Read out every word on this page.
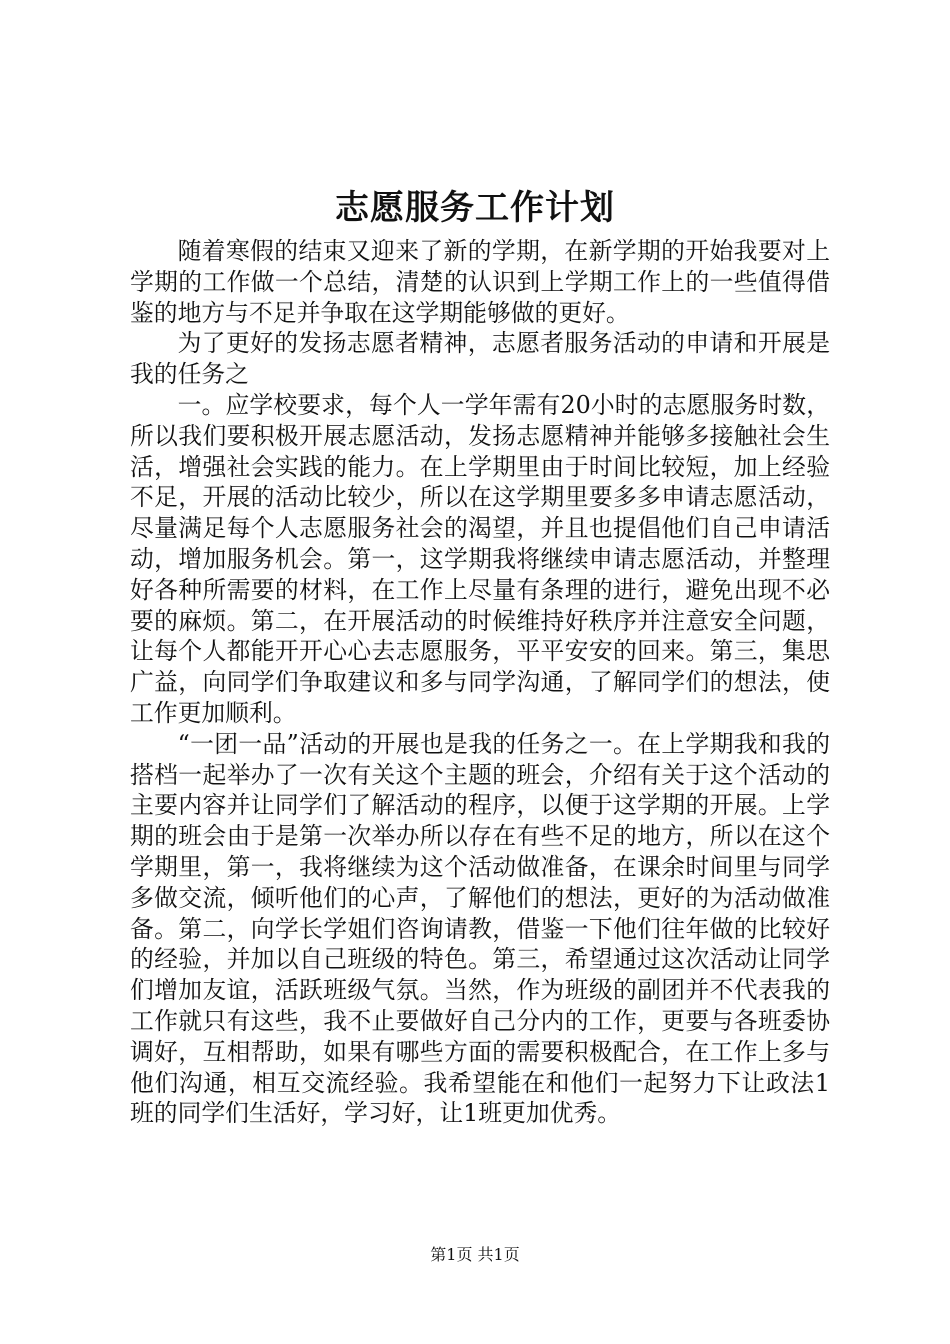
志愿服务工作计划

随着寒假的结束又迎来了新的学期，在新学期的开始我要对上学期的工作做一个总结，清楚的认识到上学期工作上的一些值得借鉴的地方与不足并争取在这学期能够做的更好。

为了更好的发扬志愿者精神，志愿者服务活动的申请和开展是我的任务之

一。应学校要求，每个人一学年需有20小时的志愿服务时数，所以我们要积极开展志愿活动，发扬志愿精神并能够多接触社会生活，增强社会实践的能力。在上学期里由于时间比较短，加上经验不足，开展的活动比较少，所以在这学期里要多多申请志愿活动，尽量满足每个人志愿服务社会的渴望，并且也提倡他们自己申请活动，增加服务机会。第一，这学期我将继续申请志愿活动，并整理好各种所需要的材料，在工作上尽量有条理的进行，避免出现不必要的麻烦。第二，在开展活动的时候维持好秩序并注意安全问题，让每个人都能开开心心去志愿服务，平平安安的回来。第三，集思广益，向同学们争取建议和多与同学沟通，了解同学们的想法，使工作更加顺利。

“一团一品”活动的开展也是我的任务之一。在上学期我和我的搭档一起举办了一次有关这个主题的班会，介绍有关于这个活动的主要内容并让同学们了解活动的程序，以便于这学期的开展。上学期的班会由于是第一次举办所以存在有些不足的地方，所以在这个学期里，第一，我将继续为这个活动做准备，在课余时间里与同学多做交流，倾听他们的心声，了解他们的想法，更好的为活动做准备。第二，向学长学姐们咨询请教，借鉴一下他们往年做的比较好的经验，并加以自己班级的特色。第三，希望通过这次活动让同学们增加友谊，活跃班级气氛。当然，作为班级的副团并不代表我的工作就只有这些，我不止要做好自己分内的工作，更要与各班委协调好，互相帮助，如果有哪些方面的需要积极配合，在工作上多与他们沟通，相互交流经验。我希望能在和他们一起努力下让政法1班的同学们生活好，学习好，让1班更加优秀。

第1页 共1页
